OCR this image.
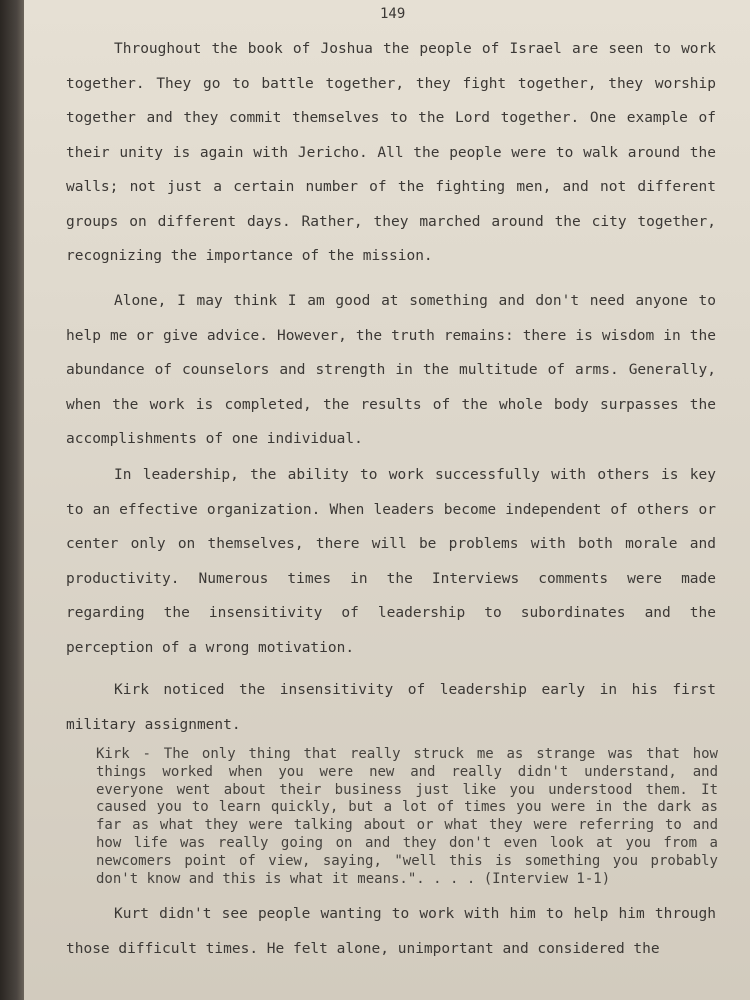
149

Throughout the book of Joshua the people of Israel are seen to work together. They go to battle together, they fight together, they worship together and they commit themselves to the Lord together. One example of their unity is again with Jericho. All the people were to walk around the walls; not just a certain number of the fighting men, and not different groups on different days. Rather, they marched around the city together, recognizing the importance of the mission.

Alone, I may think I am good at something and don't need anyone to help me or give advice. However, the truth remains: there is wisdom in the abundance of counselors and strength in the multitude of arms. Generally, when the work is completed, the results of the whole body surpasses the accomplishments of one individual.

In leadership, the ability to work successfully with others is key to an effective organization. When leaders become independent of others or center only on themselves, there will be problems with both morale and productivity. Numerous times in the Interviews comments were made regarding the insensitivity of leadership to subordinates and the perception of a wrong motivation.

Kirk noticed the insensitivity of leadership early in his first military assignment.

Kirk - The only thing that really struck me as strange was that how things worked when you were new and really didn't understand, and everyone went about their business just like you understood them. It caused you to learn quickly, but a lot of times you were in the dark as far as what they were talking about or what they were referring to and how life was really going on and they don't even look at you from a newcomers point of view, saying, "well this is something you probably don't know and this is what it means.". . . . (Interview 1-1)

Kurt didn't see people wanting to work with him to help him through those difficult times. He felt alone, unimportant and considered the
